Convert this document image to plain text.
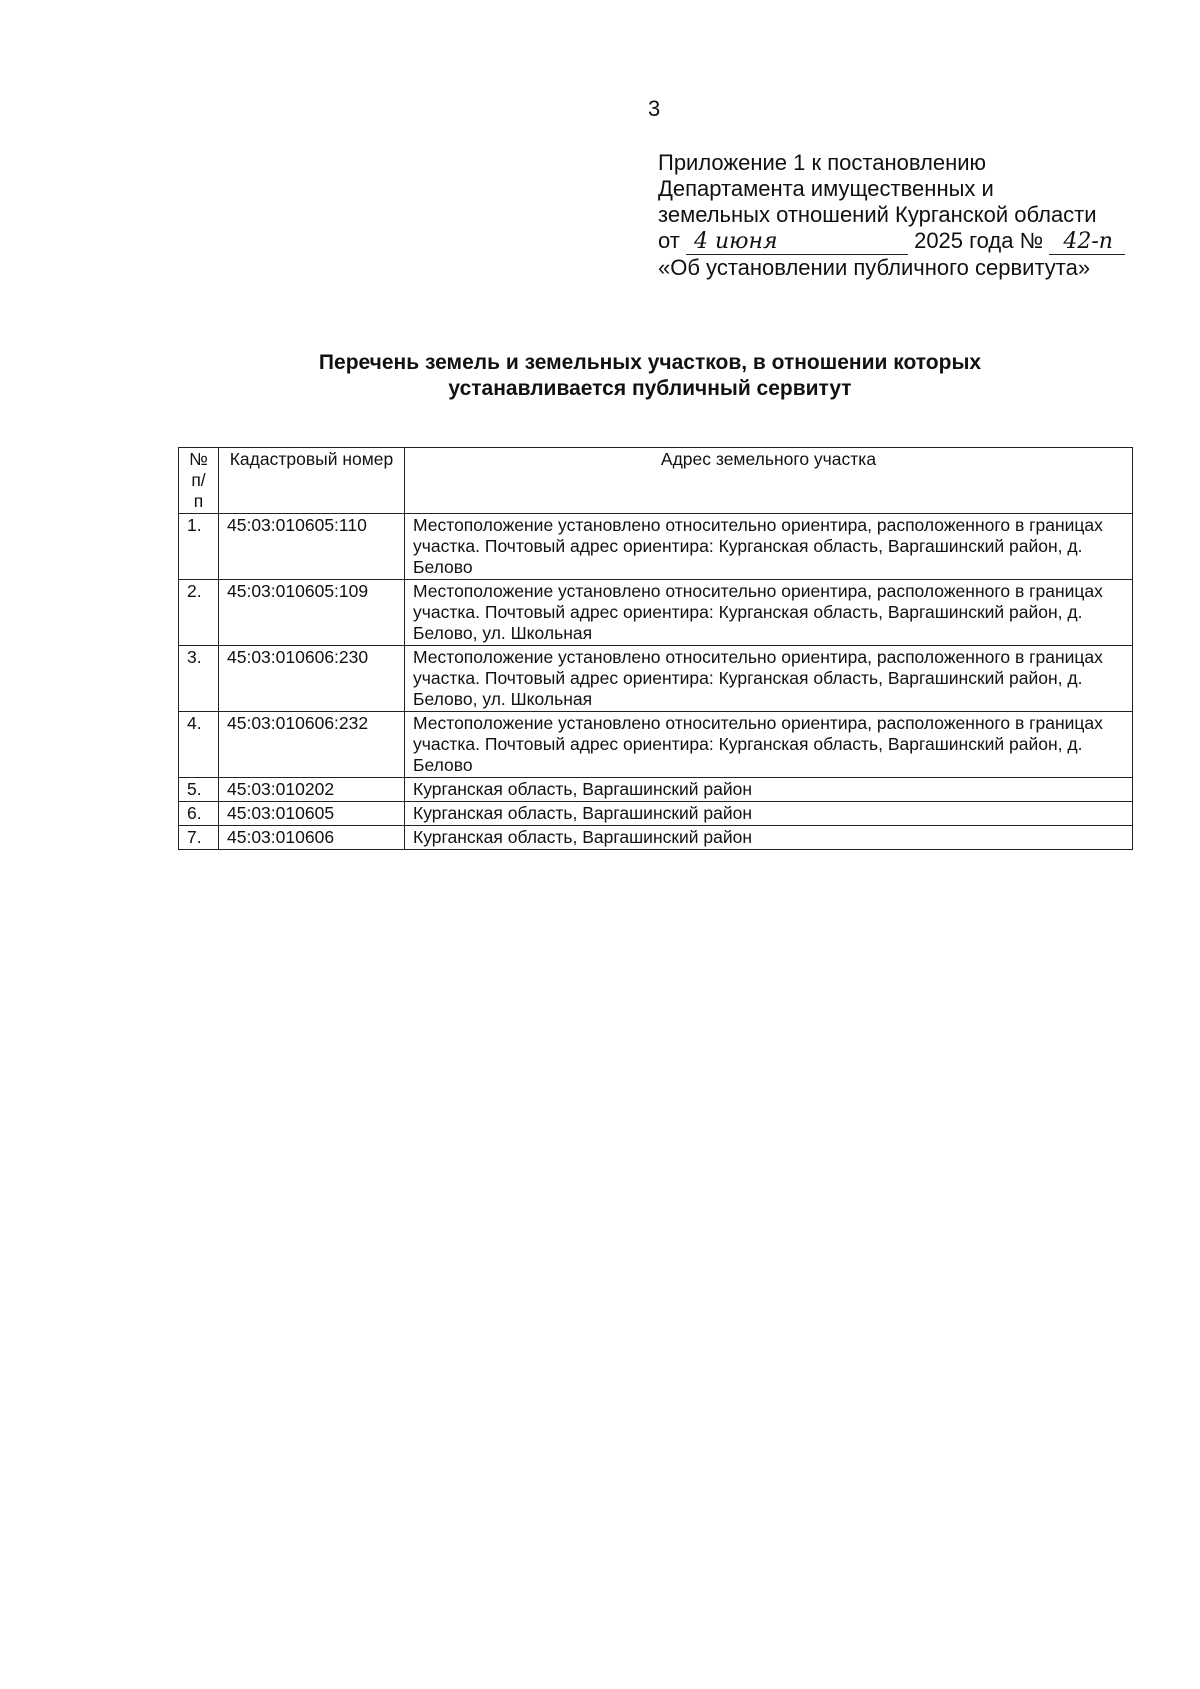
3
Приложение 1 к постановлению
Департамента имущественных и
земельных отношений Курганской области
от 4 июня	2025 года № 42-п
«Об установлении публичного сервитута»
Перечень земель и земельных участков, в отношении которых
устанавливается публичный сервитут
№ п/п	Кадастровый номер	Адрес земельного участка
1.	45:03:010605:110	Местоположение установлено относительно ориентира, расположенного в границах участка. Почтовый адрес ориентира: Курганская область, Варгашинский район, д. Белово
2.	45:03:010605:109	Местоположение установлено относительно ориентира, расположенного в границах участка. Почтовый адрес ориентира: Курганская область, Варгашинский район, д. Белово, ул. Школьная
3.	45:03:010606:230	Местоположение установлено относительно ориентира, расположенного в границах участка. Почтовый адрес ориентира: Курганская область, Варгашинский район, д. Белово, ул. Школьная
4.	45:03:010606:232	Местоположение установлено относительно ориентира, расположенного в границах участка. Почтовый адрес ориентира: Курганская область, Варгашинский район, д. Белово
5.	45:03:010202	Курганская область, Варгашинский район
6.	45:03:010605	Курганская область, Варгашинский район
7.	45:03:010606	Курганская область, Варгашинский район
